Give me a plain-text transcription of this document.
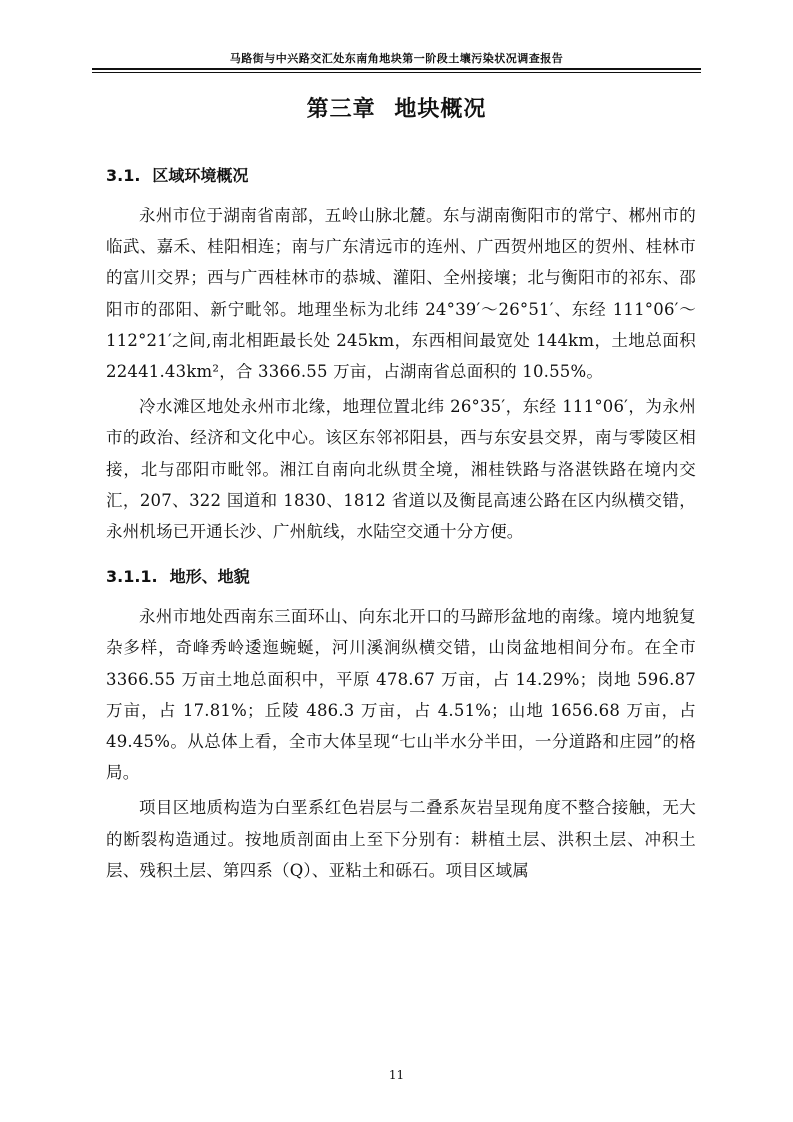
马路街与中兴路交汇处东南角地块第一阶段土壤污染状况调查报告
第三章 地块概况
3.1. 区域环境概况

永州市位于湖南省南部，五岭山脉北麓。东与湖南衡阳市的常宁、郴州市的临武、嘉禾、桂阳相连；南与广东清远市的连州、广西贺州地区的贺州、桂林市的富川交界；西与广西桂林市的恭城、灌阳、全州接壤；北与衡阳市的祁东、邵阳市的邵阳、新宁毗邻。地理坐标为北纬 24°39′～26°51′、东经 111°06′～112°21′之间,南北相距最长处 245km，东西相间最宽处 144km，土地总面积 22441.43km²，合 3366.55 万亩，占湖南省总面积的 10.55%。

冷水滩区地处永州市北缘，地理位置北纬 26°35′，东经 111°06′，为永州市的政治、经济和文化中心。该区东邻祁阳县，西与东安县交界，南与零陵区相接，北与邵阳市毗邻。湘江自南向北纵贯全境，湘桂铁路与洛湛铁路在境内交汇，207、322 国道和 1830、1812 省道以及衡昆高速公路在区内纵横交错，永州机场已开通长沙、广州航线，水陆空交通十分方便。

3.1.1. 地形、地貌

永州市地处西南东三面环山、向东北开口的马蹄形盆地的南缘。境内地貌复杂多样，奇峰秀岭逶迤蜿蜒，河川溪涧纵横交错，山岗盆地相间分布。在全市 3366.55 万亩土地总面积中，平原 478.67 万亩，占 14.29%；岗地 596.87 万亩，占 17.81%；丘陵 486.3 万亩，占 4.51%；山地 1656.68 万亩，占 49.45%。从总体上看，全市大体呈现“七山半水分半田，一分道路和庄园”的格局。

项目区地质构造为白垩系红色岩层与二叠系灰岩呈现角度不整合接触，无大的断裂构造通过。按地质剖面由上至下分别有：耕植土层、洪积土层、冲积土层、残积土层、第四系（Q）、亚粘土和砾石。项目区域属

11
